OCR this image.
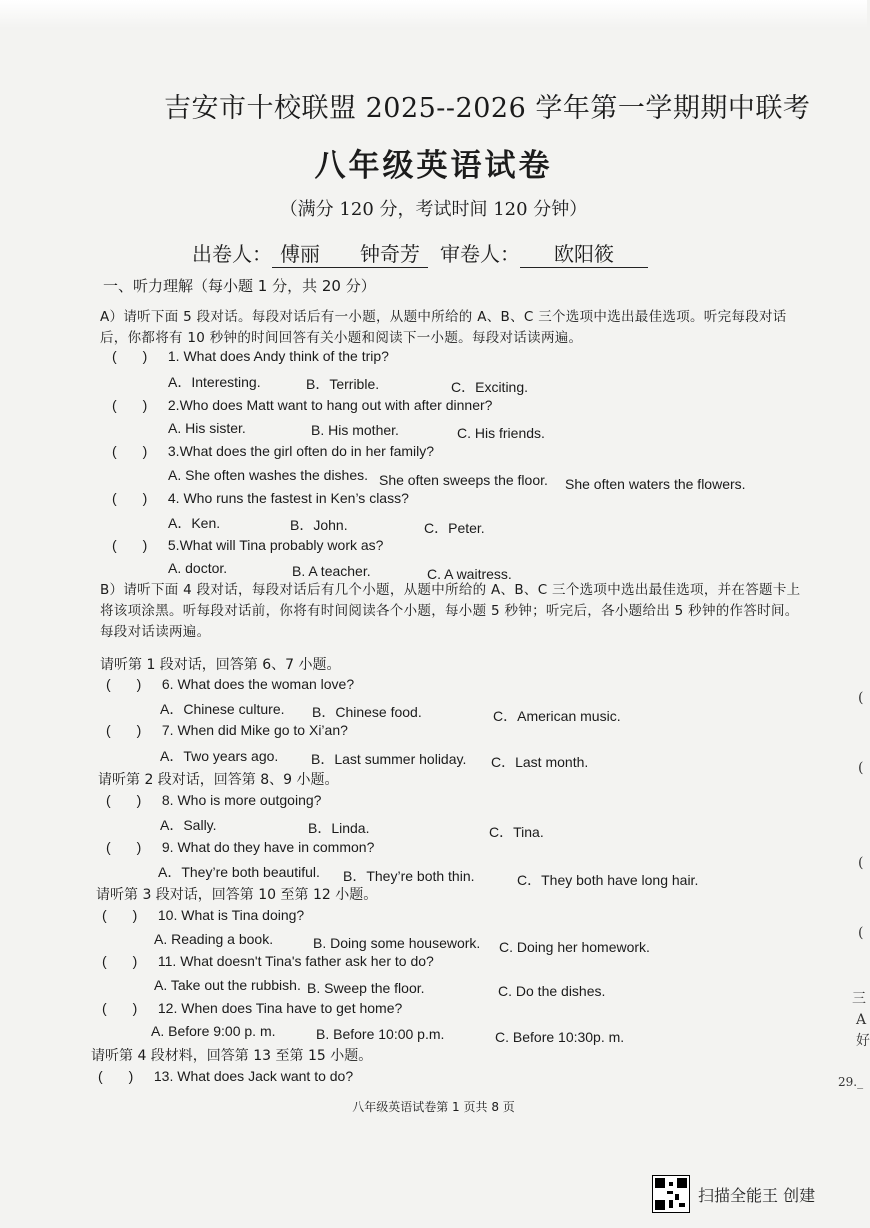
吉安市十校联盟 2025--2026 学年第一学期期中联考
八年级英语试卷
（满分 120 分，考试时间 120 分钟）
出卷人： 傅丽　　钟奇芳 审卷人： 欧阳筱
一、听力理解（每小题 1 分，共 20 分）
A）请听下面 5 段对话。每段对话后有一小题，从题中所给的 A、B、C 三个选项中选出最佳选项。听完每段对话后，你都将有 10 秒钟的时间回答有关小题和阅读下一小题。每段对话读两遍。
( ) 1. What does Andy think of the trip?
A．Interesting.	B．Terrible.	C．Exciting.
( ) 2.Who does Matt want to hang out with after dinner?
A. His sister.	B. His mother.	C. His friends.
( ) 3.What does the girl often do in her family?
A. She often washes the dishes. She often sweeps the floor. She often waters the flowers.
( ) 4. Who runs the fastest in Ken’s class?
A．Ken.	B．John.	C．Peter.
( ) 5.What will Tina probably work as?
A. doctor.	B. A teacher.	C. A waitress.
B）请听下面 4 段对话，每段对话后有几个小题，从题中所给的 A、B、C 三个选项中选出最佳选项，并在答题卡上将该项涂黑。听每段对话前，你将有时间阅读各个小题，每小题 5 秒钟；听完后，各小题给出 5 秒钟的作答时间。每段对话读两遍。
请听第 1 段对话，回答第 6、7 小题。
( ) 6. What does the woman love?
A．Chinese culture. B．Chinese food.	C．American music.
( ) 7. When did Mike go to Xi’an?
A．Two years ago. B．Last summer holiday. C．Last month.
请听第 2 段对话，回答第 8、9 小题。
( ) 8. Who is more outgoing?
A．Sally.	B．Linda.	C．Tina.
( ) 9. What do they have in common?
A．They’re both beautiful. B．They’re both thin.	C．They both have long hair.
请听第 3 段对话，回答第 10 至第 12 小题。
( ) 10. What is Tina doing?
A. Reading a book.	B. Doing some housework. C. Doing her homework.
( ) 11. What doesn't Tina's father ask her to do?
A. Take out the rubbish. B. Sweep the floor.	C. Do the dishes.
( ) 12. When does Tina have to get home?
A. Before 9:00 p. m.	B. Before 10:00 p.m.	C. Before 10:30p. m.
请听第 4 段材料，回答第 13 至第 15 小题。
( ) 13. What does Jack want to do?
八年级英语试卷第 1 页共 8 页
(
(
(
(
三
A
好
29._
扫描全能王 创建
